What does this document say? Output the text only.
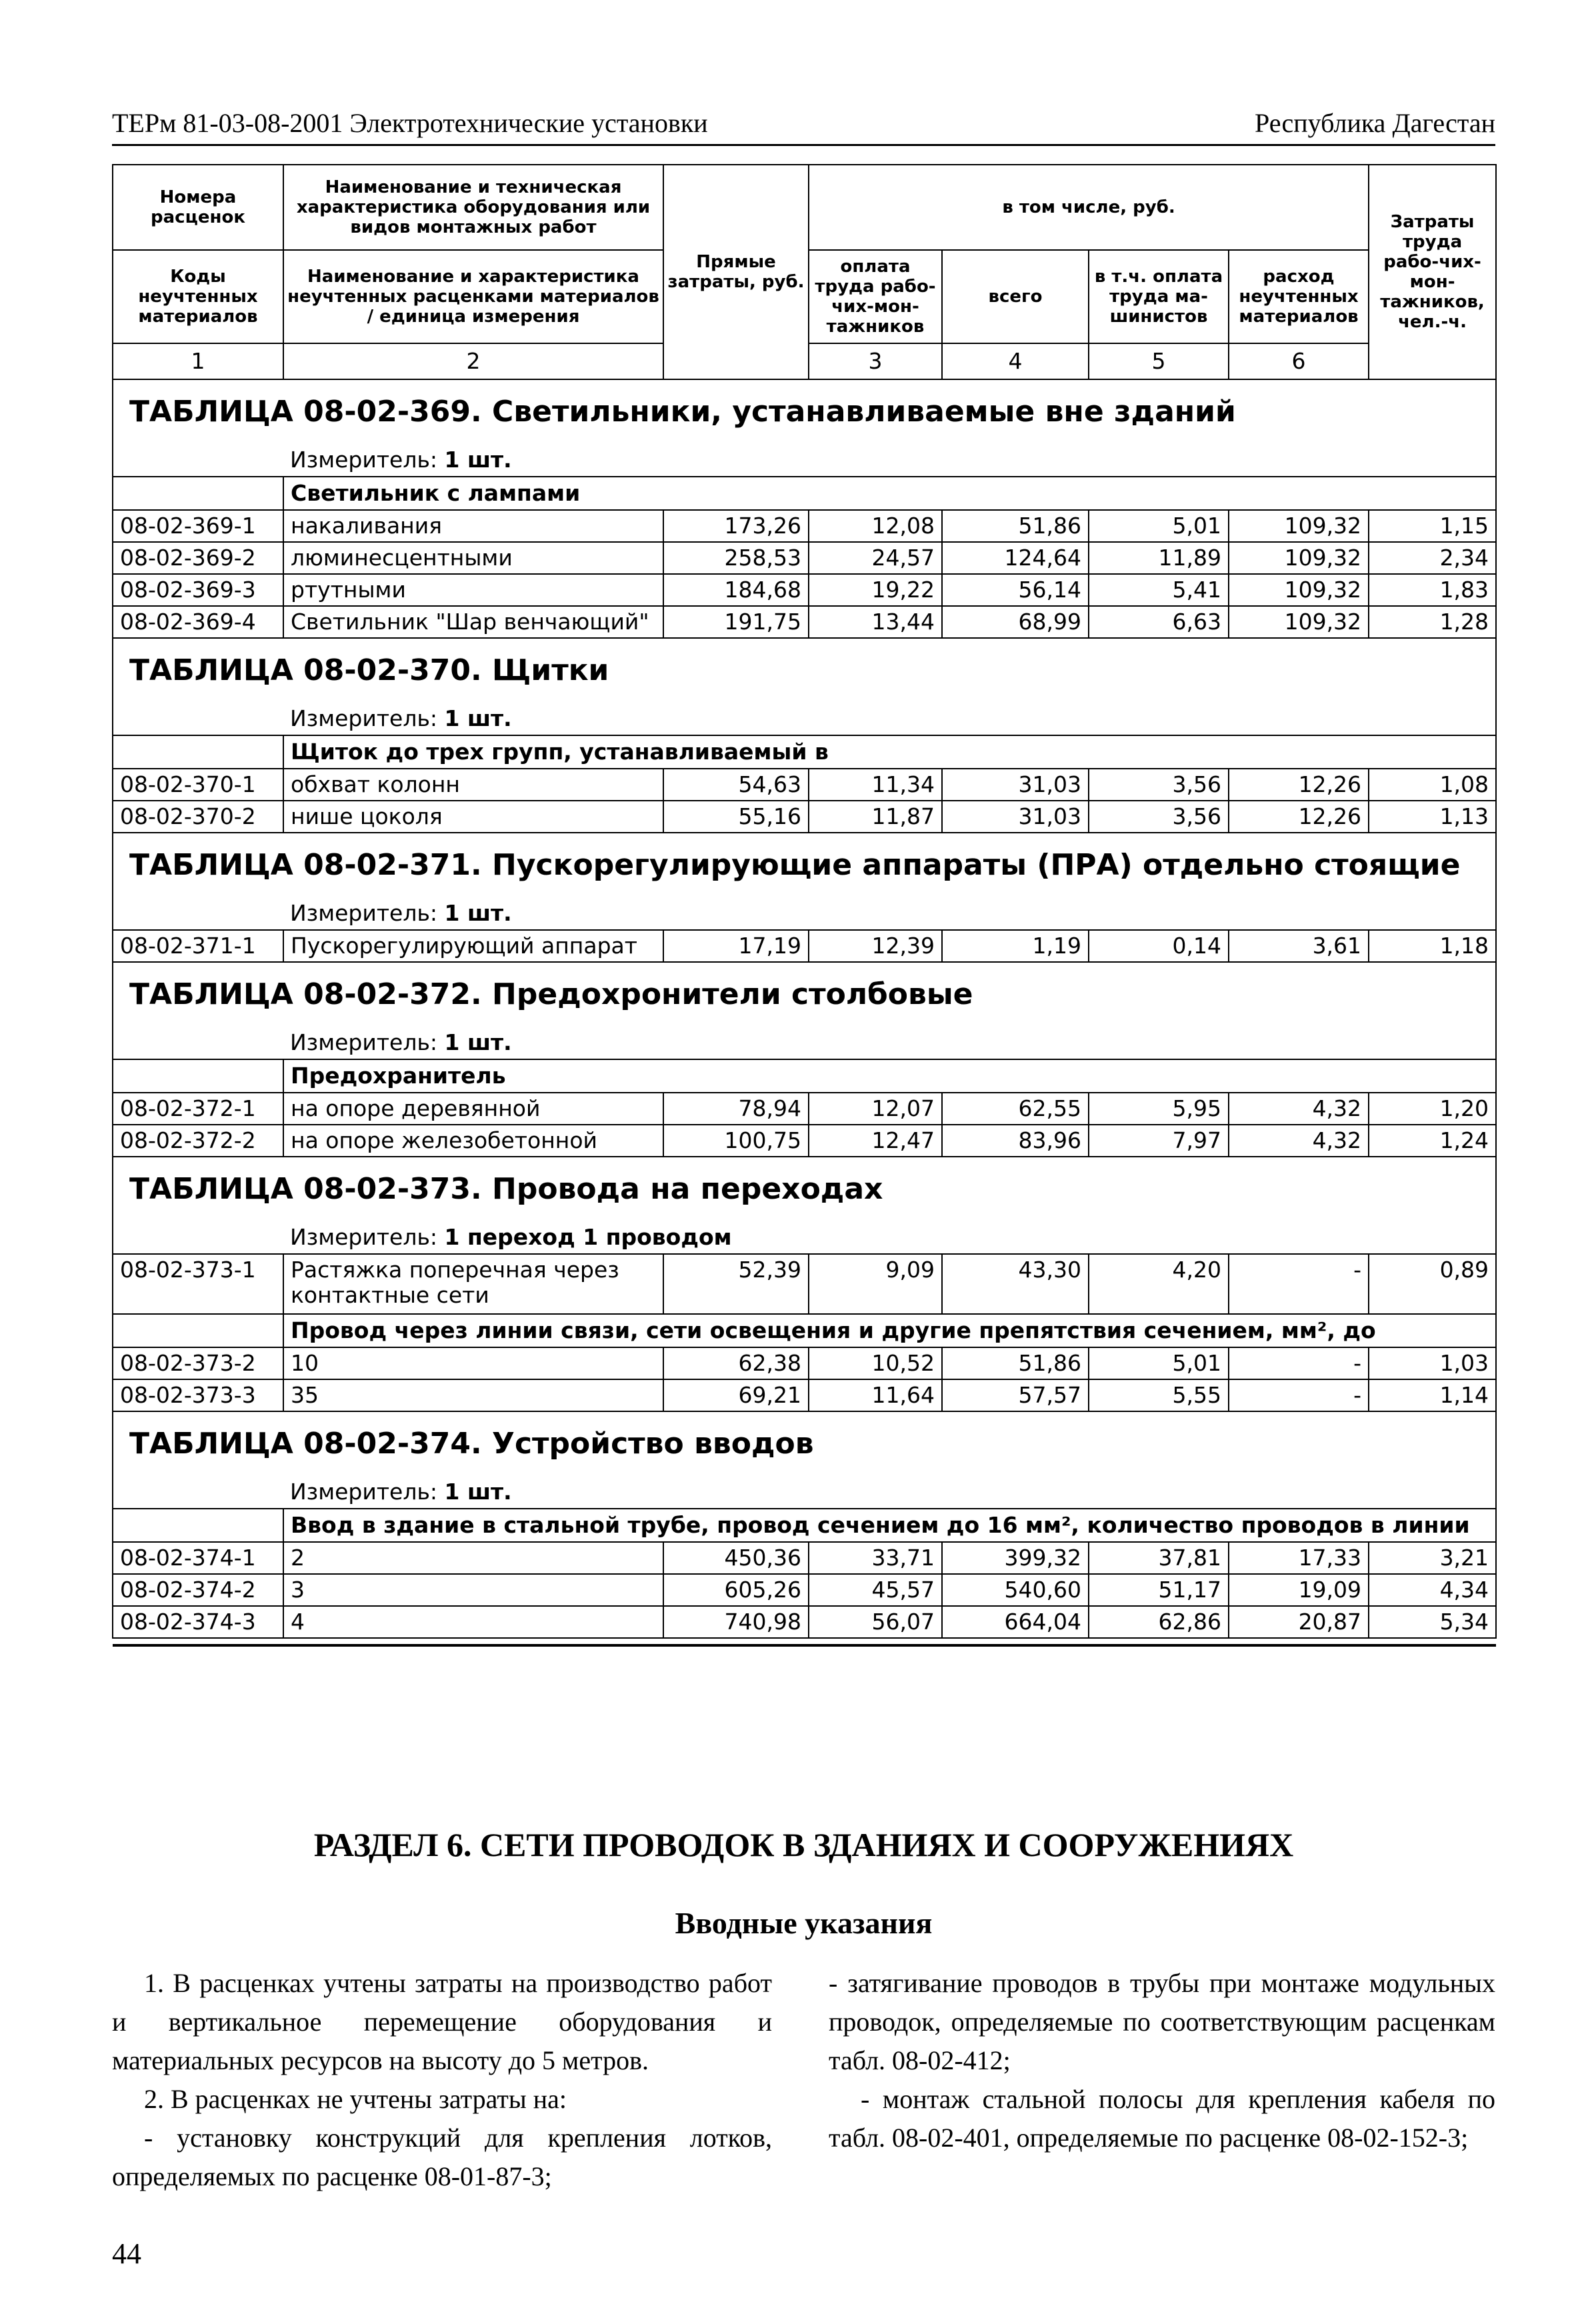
ТЕРм 81-03-08-2001 Электротехнические установки	Республика Дагестан
Номера расценок	Наименование и техническая характеристика оборудования или видов монтажных работ	Прямые затраты, руб.	в том числе, руб.				Затраты труда рабо-чих-мон-тажников, чел.-ч.	
Коды неучтенных материалов	Наименование и характеристика неучтенных расценками материалов / единица измерения		оплата труда рабо-чих-мон-тажников	всего	в т.ч. оплата труда ма-шинистов	расход неучтенных материалов		
1	2		3	4	5	6		
ТАБЛИЦА 08-02-369. Светильники, устанавливаемые вне зданий								
	Измеритель: 1 шт.							
	Светильник с лампами							
08-02-369-1	накаливания	173,26	12,08	51,86	5,01	109,32	1,15	
08-02-369-2	люминесцентными	258,53	24,57	124,64	11,89	109,32	2,34	
08-02-369-3	ртутными	184,68	19,22	56,14	5,41	109,32	1,83	
08-02-369-4	Светильник "Шар венчающий"	191,75	13,44	68,99	6,63	109,32	1,28	
ТАБЛИЦА 08-02-370. Щитки								
	Измеритель: 1 шт.							
	Щиток до трех групп, устанавливаемый в							
08-02-370-1	обхват колонн	54,63	11,34	31,03	3,56	12,26	1,08	
08-02-370-2	нише цоколя	55,16	11,87	31,03	3,56	12,26	1,13	
ТАБЛИЦА 08-02-371. Пускорегулирующие аппараты (ПРА) отдельно стоящие								
	Измеритель: 1 шт.							
08-02-371-1	Пускорегулирующий аппарат	17,19	12,39	1,19	0,14	3,61	1,18	
ТАБЛИЦА 08-02-372. Предохронители столбовые								
	Измеритель: 1 шт.							
	Предохранитель							
08-02-372-1	на опоре деревянной	78,94	12,07	62,55	5,95	4,32	1,20	
08-02-372-2	на опоре железобетонной	100,75	12,47	83,96	7,97	4,32	1,24	
ТАБЛИЦА 08-02-373. Провода на переходах								
	Измеритель: 1 переход 1 проводом							
08-02-373-1	Растяжка поперечная через контактные сети	52,39	9,09	43,30	4,20	-	0,89	
	Провод через линии связи, сети освещения и другие препятствия сечением, мм², до							
08-02-373-2	10	62,38	10,52	51,86	5,01	-	1,03	
08-02-373-3	35	69,21	11,64	57,57	5,55	-	1,14	
ТАБЛИЦА 08-02-374. Устройство вводов								
	Измеритель: 1 шт.							
	Ввод в здание в стальной трубе, провод сечением до 16 мм², количество проводов в линии							
08-02-374-1	2	450,36	33,71	399,32	37,81	17,33	3,21	
08-02-374-2	3	605,26	45,57	540,60	51,17	19,09	4,34	
08-02-374-3	4	740,98	56,07	664,04	62,86	20,87	5,34	

РАЗДЕЛ 6. СЕТИ ПРОВОДОК В ЗДАНИЯХ И СООРУЖЕНИЯХ
Вводные указания

1. В расценках учтены затраты на производство работ и вертикальное перемещение оборудования и материальных ресурсов на высоту до 5 метров.

2. В расценках не учтены затраты на:

- установку конструкций для крепления лотков, определяемых по расценке 08-01-87-3;

- затягивание проводов в трубы при монтаже модульных проводок, определяемые по соответствующим расценкам табл. 08-02-412;

- монтаж стальной полосы для крепления кабеля по табл. 08-02-401, определяемые по расценке 08-02-152-3;

44
